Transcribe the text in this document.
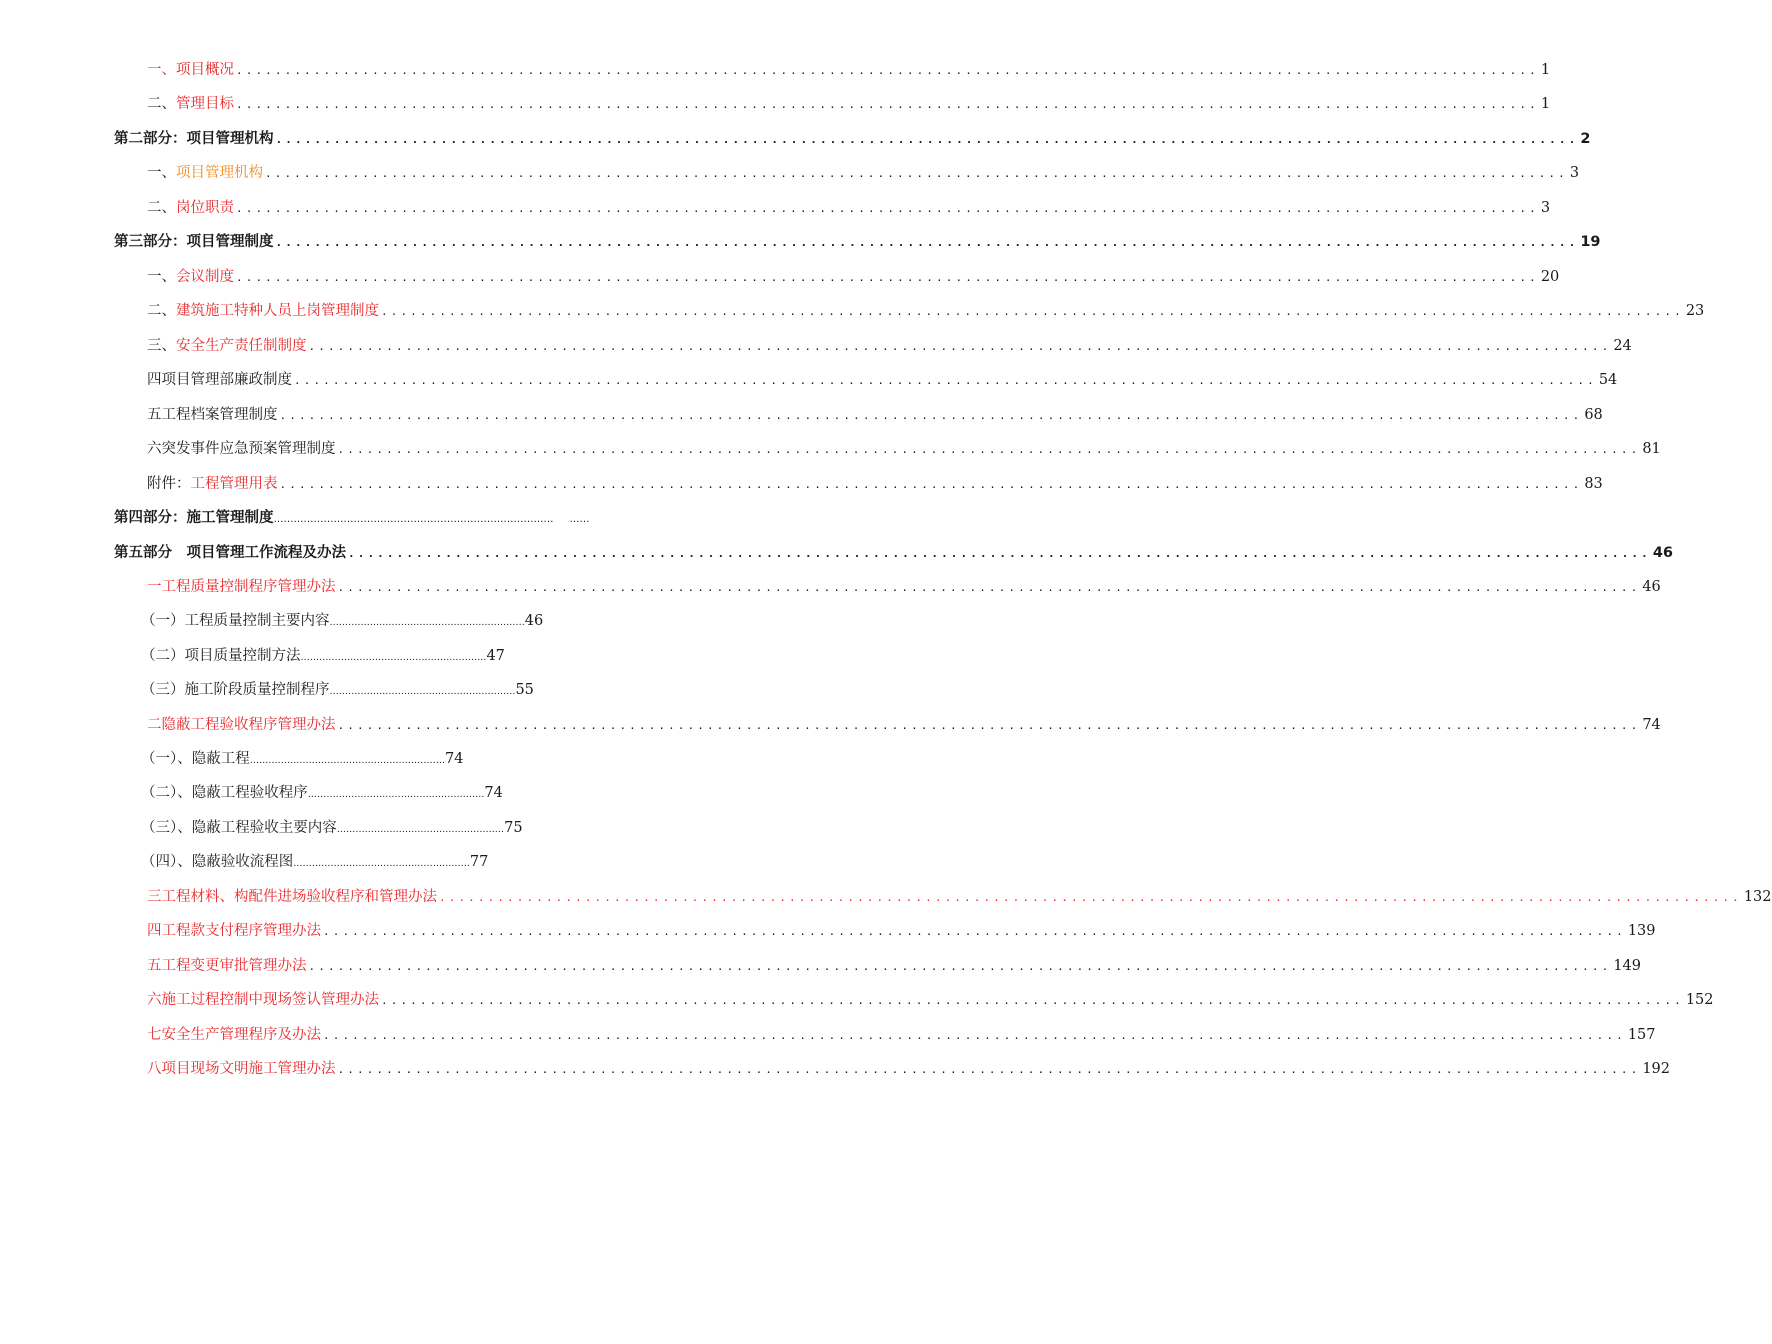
一、项目概况 ...................................................................................................................................... 1
二、管理目标 ...................................................................................................................................... 1
第二部分：项目管理机构 ...................................................................................................................................... 2
一、项目管理机构 ...................................................................................................................................... 3
二、岗位职责 ...................................................................................................................................... 3
第三部分：项目管理制度 ...................................................................................................................................... 19
一、会议制度 ...................................................................................................................................... 20
二、建筑施工特种人员上岗管理制度 ...................................................................................................................................... 23
三、安全生产责任制制度 ...................................................................................................................................... 24
四项目管理部廉政制度 ...................................................................................................................................... 54
五工程档案管理制度 ...................................................................................................................................... 68
六突发事件应急预案管理制度 ...................................................................................................................................... 81
附件：工程管理用表 ...................................................................................................................................... 83
第四部分：施工管理制度 ………………………………………………………………………… ……
第五部分　项目管理工作流程及办法 ...................................................................................................................................... 46
一工程质量控制程序管理办法 ...................................................................................................................................... 46
（一）工程质量控制主要内容 ……………………………………………………… 46
（二）项目质量控制方法 …………………………………………………… 47
（三）施工阶段质量控制程序 …………………………………………………… 55
二隐蔽工程验收程序管理办法 ...................................................................................................................................... 74
（一）、隐蔽工程 ……………………………………………………… 74
（二）、隐蔽工程验收程序 ………………………………………………… 74
（三）、隐蔽工程验收主要内容 ……………………………………………… 75
（四）、隐蔽验收流程图 ………………………………………………… 77
三工程材料、构配件进场验收程序和管理办法 ...................................................................................................................................... 132
四工程款支付程序管理办法 ...................................................................................................................................... 139
五工程变更审批管理办法 ...................................................................................................................................... 149
六施工过程控制中现场签认管理办法 ...................................................................................................................................... 152
七安全生产管理程序及办法 ...................................................................................................................................... 157
八项目现场文明施工管理办法 ...................................................................................................................................... 192
